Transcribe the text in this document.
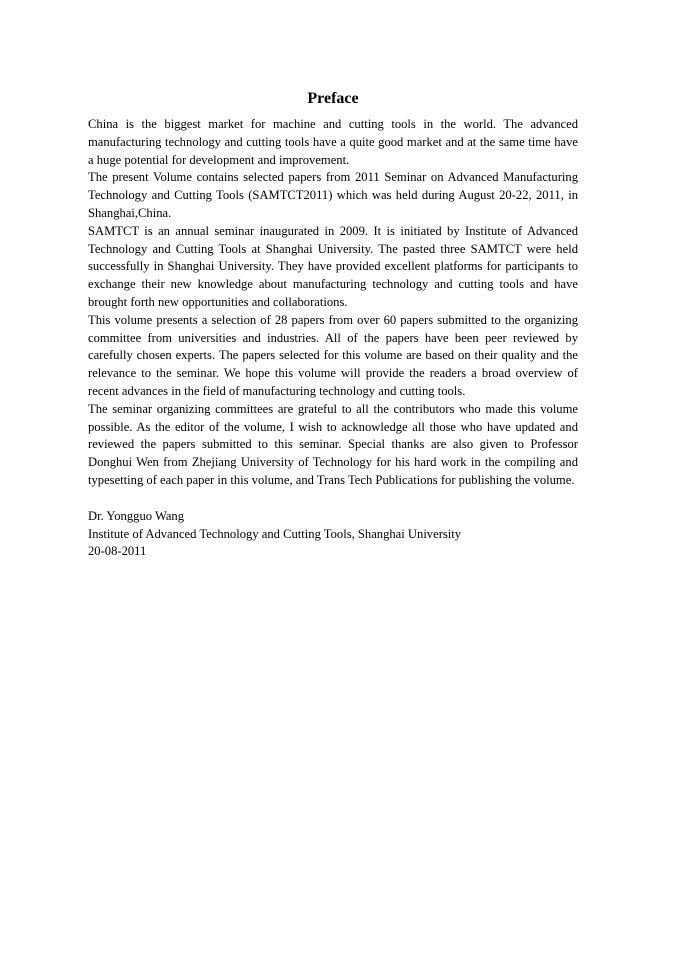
Preface

China is the biggest market for machine and cutting tools in the world. The advanced manufacturing technology and cutting tools have a quite good market and at the same time have a huge potential for development and improvement.

The present Volume contains selected papers from 2011 Seminar on Advanced Manufacturing Technology and Cutting Tools (SAMTCT2011) which was held during August 20-22, 2011, in Shanghai,China.

SAMTCT is an annual seminar inaugurated in 2009. It is initiated by Institute of Advanced Technology and Cutting Tools at Shanghai University. The pasted three SAMTCT were held successfully in Shanghai University. They have provided excellent platforms for participants to exchange their new knowledge about manufacturing technology and cutting tools and have brought forth new opportunities and collaborations.

This volume presents a selection of 28 papers from over 60 papers submitted to the organizing committee from universities and industries. All of the papers have been peer reviewed by carefully chosen experts. The papers selected for this volume are based on their quality and the relevance to the seminar. We hope this volume will provide the readers a broad overview of recent advances in the field of manufacturing technology and cutting tools.

The seminar organizing committees are grateful to all the contributors who made this volume possible. As the editor of the volume, I wish to acknowledge all those who have updated and reviewed the papers submitted to this seminar. Special thanks are also given to Professor Donghui Wen from Zhejiang University of Technology for his hard work in the compiling and typesetting of each paper in this volume, and Trans Tech Publications for publishing the volume.

Dr. Yongguo Wang
Institute of Advanced Technology and Cutting Tools, Shanghai University
20-08-2011
